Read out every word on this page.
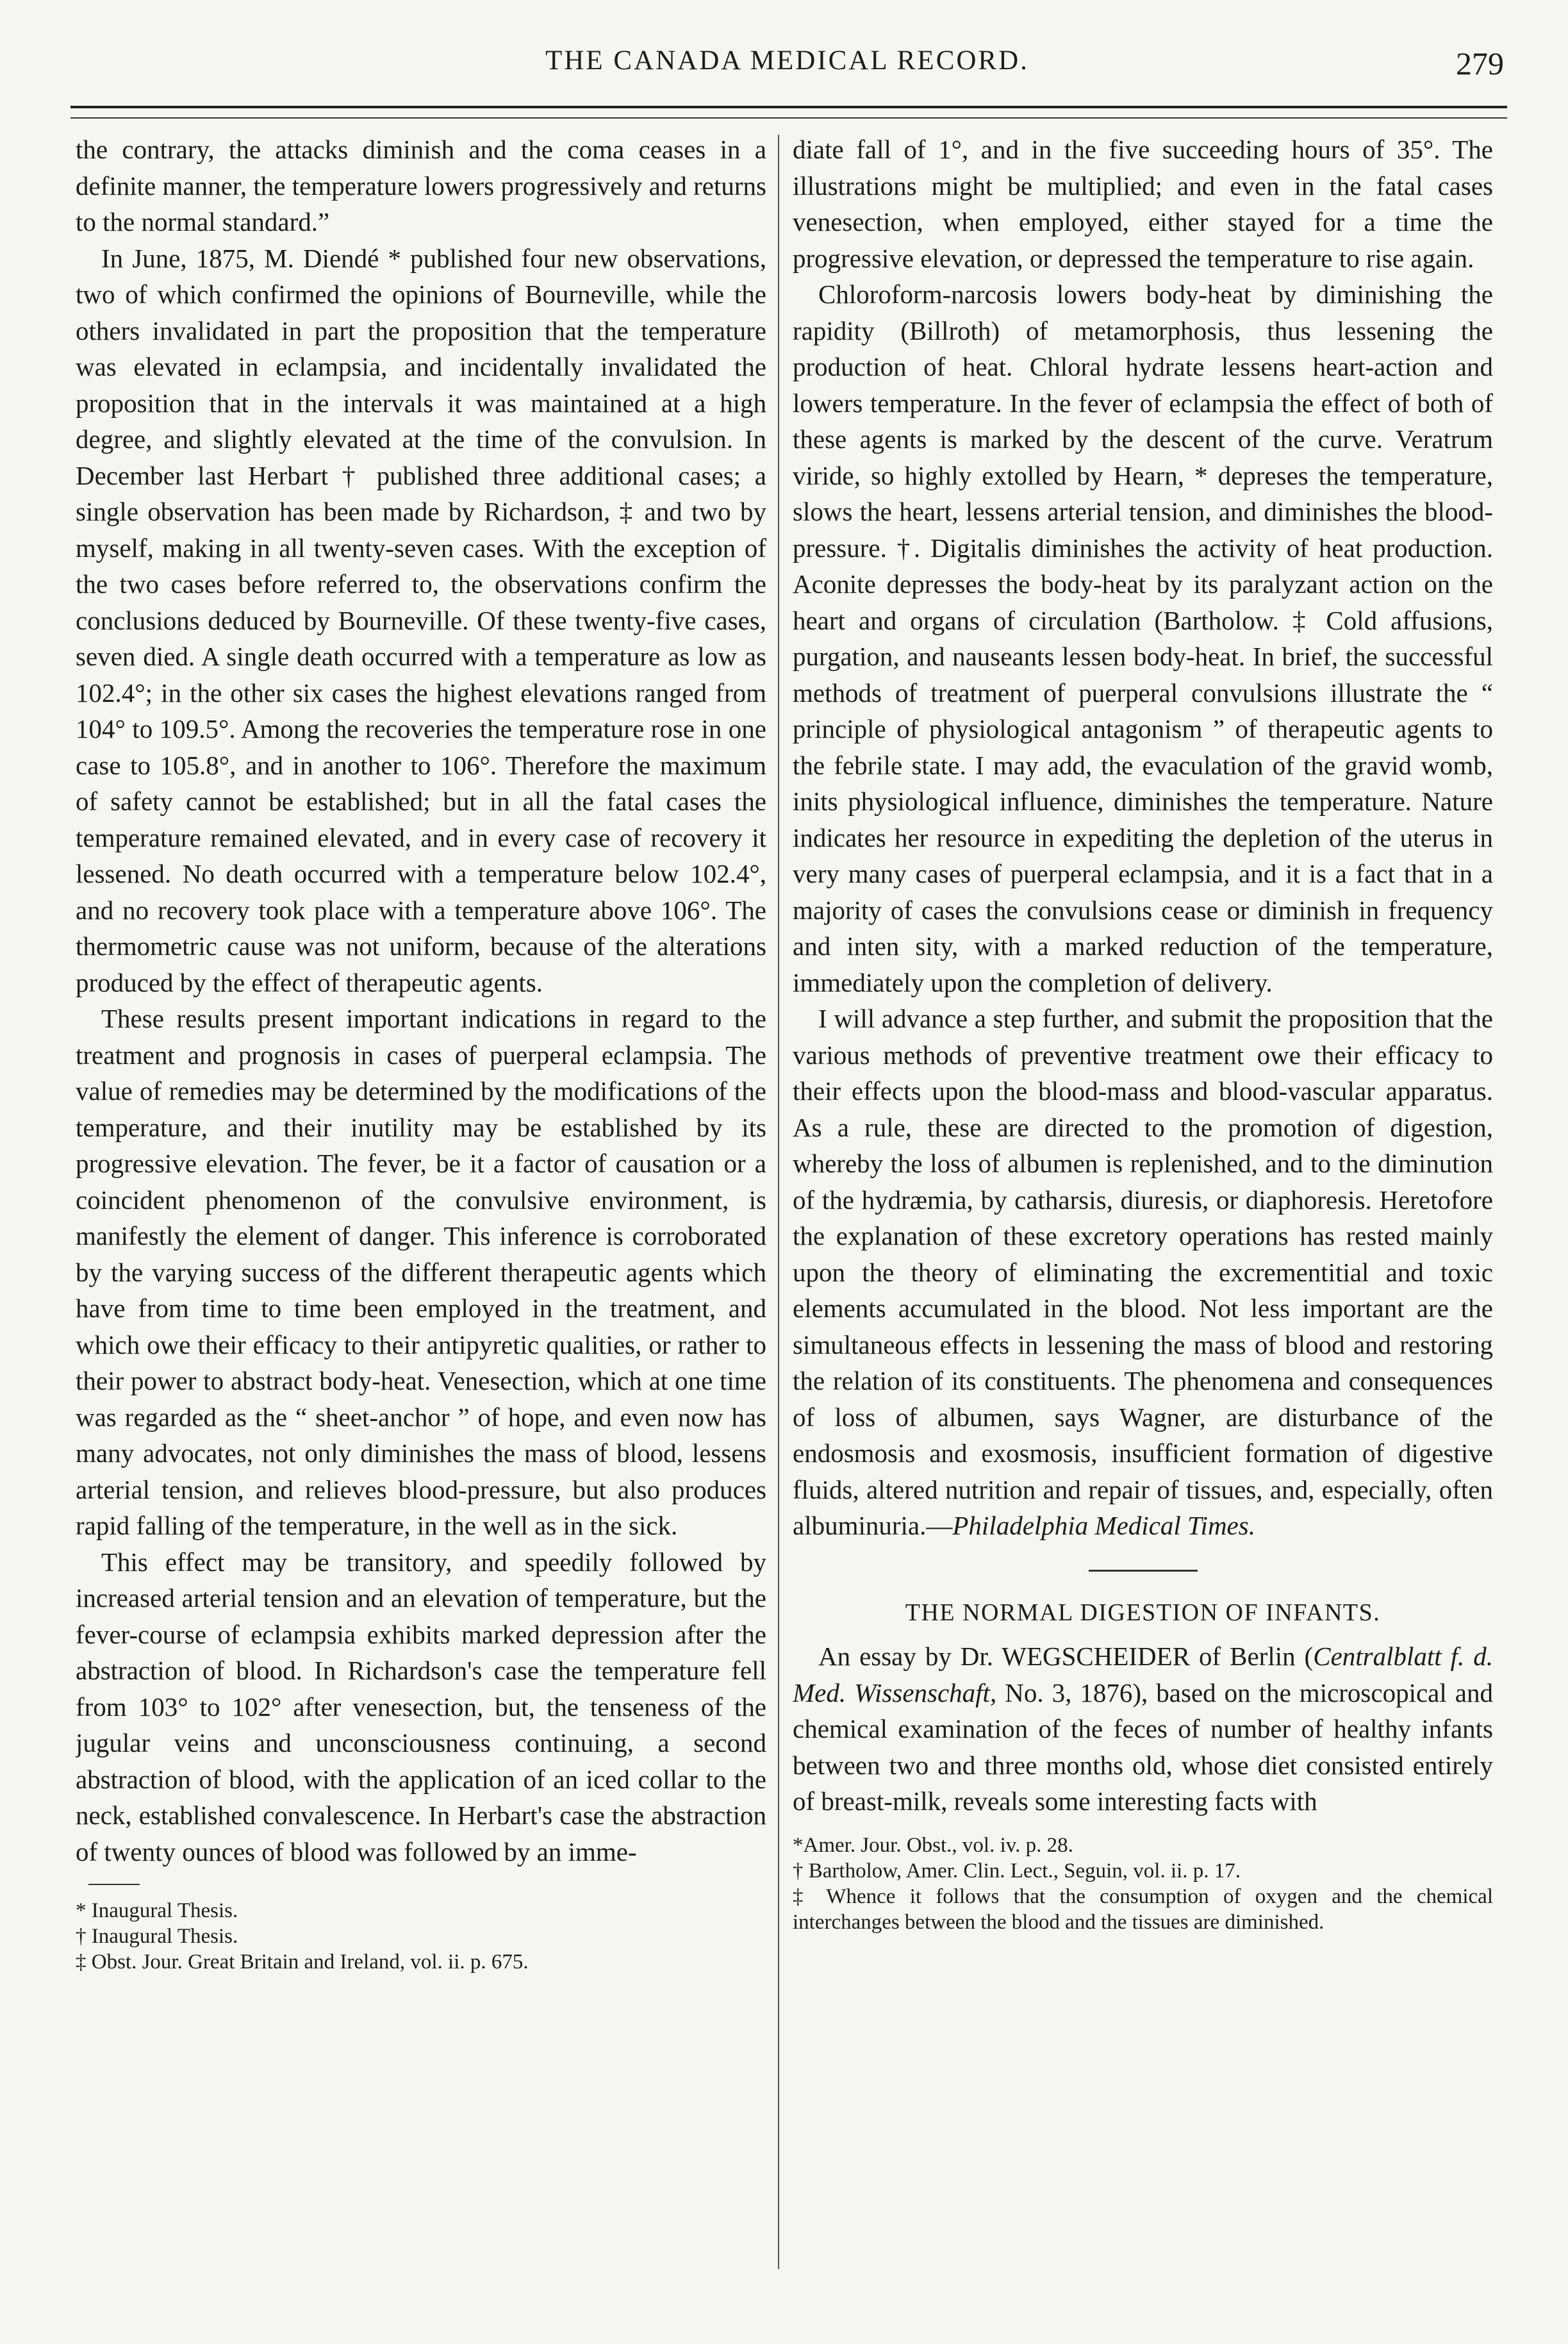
THE CANADA MEDICAL RECORD.	279

the contrary, the attacks diminish and the coma ceases in a definite manner, the temperature lowers progressively and returns to the normal standard.”

In June, 1875, M. Diendé * published four new observations, two of which confirmed the opinions of Bourneville, while the others invalidated in part the proposition that the temperature was elevated in eclampsia, and incidentally invalidated the proposition that in the intervals it was maintained at a high degree, and slightly elevated at the time of the convulsion. In December last Herbart † published three additional cases; a single observation has been made by Richardson, ‡ and two by myself, making in all twenty-seven cases. With the exception of the two cases before referred to, the observations confirm the conclusions deduced by Bourneville. Of these twenty-five cases, seven died. A single death occurred with a temperature as low as 102.4°; in the other six cases the highest elevations ranged from 104° to 109.5°. Among the recoveries the temperature rose in one case to 105.8°, and in another to 106°. Therefore the maximum of safety cannot be established; but in all the fatal cases the temperature remained elevated, and in every case of recovery it lessened. No death occurred with a temperature below 102.4°, and no recovery took place with a temperature above 106°. The thermometric cause was not uniform, because of the alterations produced by the effect of therapeutic agents.

These results present important indications in regard to the treatment and prognosis in cases of puerperal eclampsia. The value of remedies may be determined by the modifications of the temperature, and their inutility may be established by its progressive elevation. The fever, be it a factor of causation or a coincident phenomenon of the convulsive environment, is manifestly the element of danger. This inference is corroborated by the varying success of the different therapeutic agents which have from time to time been employed in the treatment, and which owe their efficacy to their antipyretic qualities, or rather to their power to abstract body-heat. Venesection, which at one time was regarded as the “ sheet-anchor ” of hope, and even now has many advocates, not only diminishes the mass of blood, lessens arterial tension, and relieves blood-pressure, but also produces rapid falling of the temperature, in the well as in the sick.

This effect may be transitory, and speedily followed by increased arterial tension and an elevation of temperature, but the fever-course of eclampsia exhibits marked depression after the abstraction of blood. In Richardson's case the temperature fell from 103° to 102° after venesection, but, the tenseness of the jugular veins and unconsciousness continuing, a second abstraction of blood, with the application of an iced collar to the neck, established convalescence. In Herbart's case the abstraction of twenty ounces of blood was followed by an imme-

* Inaugural Thesis.

† Inaugural Thesis.

‡ Obst. Jour. Great Britain and Ireland, vol. ii. p. 675.

diate fall of 1°, and in the five succeeding hours of 35°. The illustrations might be multiplied; and even in the fatal cases venesection, when employed, either stayed for a time the progressive elevation, or depressed the temperature to rise again.

Chloroform-narcosis lowers body-heat by diminishing the rapidity (Billroth) of metamorphosis, thus lessening the production of heat. Chloral hydrate lessens heart-action and lowers temperature. In the fever of eclampsia the effect of both of these agents is marked by the descent of the curve. Veratrum viride, so highly extolled by Hearn, * depreses the temperature, slows the heart, lessens arterial tension, and diminishes the blood-pressure. †. Digitalis diminishes the activity of heat production. Aconite depresses the body-heat by its paralyzant action on the heart and organs of circulation (Bartholow. ‡ Cold affusions, purgation, and nauseants lessen body-heat. In brief, the successful methods of treatment of puerperal convulsions illustrate the “ principle of physiological antagonism ” of therapeutic agents to the febrile state. I may add, the evaculation of the gravid womb, inits physiological influence, diminishes the temperature. Nature indicates her resource in expediting the depletion of the uterus in very many cases of puerperal eclampsia, and it is a fact that in a majority of cases the convulsions cease or diminish in frequency and inten sity, with a marked reduction of the temperature, immediately upon the completion of delivery.

I will advance a step further, and submit the proposition that the various methods of preventive treatment owe their efficacy to their effects upon the blood-mass and blood-vascular apparatus. As a rule, these are directed to the promotion of digestion, whereby the loss of albumen is replenished, and to the diminution of the hydræmia, by catharsis, diuresis, or diaphoresis. Heretofore the explanation of these excretory operations has rested mainly upon the theory of eliminating the excrementitial and toxic elements accumulated in the blood. Not less important are the simultaneous effects in lessening the mass of blood and restoring the relation of its constituents. The phenomena and consequences of loss of albumen, says Wagner, are disturbance of the endosmosis and exosmosis, insufficient formation of digestive fluids, altered nutrition and repair of tissues, and, especially, often albuminuria.—Philadelphia Medical Times.

THE NORMAL DIGESTION OF INFANTS.

An essay by Dr. WEGSCHEIDER of Berlin (Centralblatt f. d. Med. Wissenschaft, No. 3, 1876), based on the microscopical and chemical examination of the feces of number of healthy infants between two and three months old, whose diet consisted entirely of breast-milk, reveals some interesting facts with

*Amer. Jour. Obst., vol. iv. p. 28.

† Bartholow, Amer. Clin. Lect., Seguin, vol. ii. p. 17.

‡ Whence it follows that the consumption of oxygen and the chemical interchanges between the blood and the tissues are diminished.
